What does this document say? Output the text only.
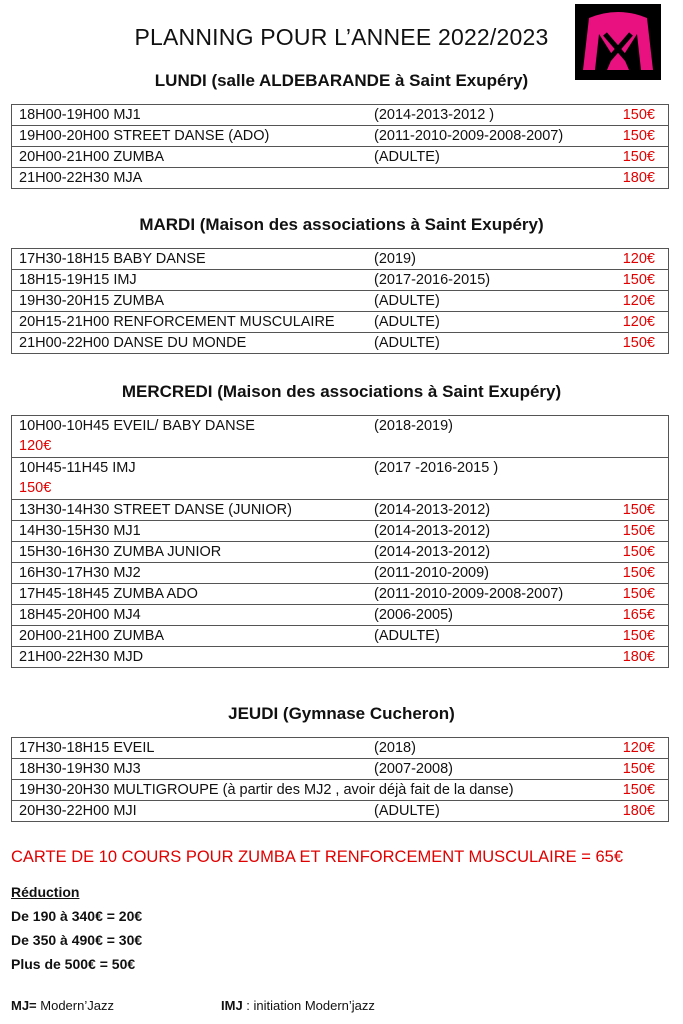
PLANNING POUR L’ANNEE 2022/2023
LUNDI (salle ALDEBARANDE à Saint Exupéry)
18H00-19H00 MJ1	(2014-2013-2012 )	150€

19H00-20H00 STREET DANSE (ADO)	(2011-2010-2009-2008-2007)	150€

20H00-21H00 ZUMBA	(ADULTE)	150€

21H00-22H30 MJA	180€
MARDI (Maison des associations à Saint Exupéry)
17H30-18H15 BABY DANSE	(2019)	120€

18H15-19H15 IMJ	(2017-2016-2015)	150€

19H30-20H15 ZUMBA	(ADULTE)	120€

20H15-21H00 RENFORCEMENT MUSCULAIRE	(ADULTE)	120€

21H00-22H00 DANSE DU MONDE	(ADULTE)	150€
MERCREDI (Maison des associations à Saint Exupéry)
10H00-10H45 EVEIL/ BABY DANSE	(2018-2019)
120€

10H45-11H45 IMJ	(2017 -2016-2015 )
150€

13H30-14H30 STREET DANSE (JUNIOR)	(2014-2013-2012)	150€

14H30-15H30 MJ1	(2014-2013-2012)	150€

15H30-16H30 ZUMBA JUNIOR	(2014-2013-2012)	150€

16H30-17H30 MJ2	(2011-2010-2009)	150€

17H45-18H45 ZUMBA ADO	(2011-2010-2009-2008-2007)	150€

18H45-20H00 MJ4	(2006-2005)	165€

20H00-21H00 ZUMBA	(ADULTE)	150€

21H00-22H30 MJD	180€
JEUDI (Gymnase Cucheron)
17H30-18H15 EVEIL	(2018)	120€

18H30-19H30 MJ3	(2007-2008)	150€

19H30-20H30 MULTIGROUPE (à partir des MJ2 , avoir déjà fait de la danse)	150€

20H30-22H00 MJI	(ADULTE)	180€
CARTE DE 10 COURS POUR ZUMBA ET RENFORCEMENT MUSCULAIRE = 65€
Réduction
De 190 à 340€ = 20€
De 350 à 490€ = 30€
Plus de 500€ = 50€
MJ= Modern’Jazz	IMJ : initiation Modern’jazz
